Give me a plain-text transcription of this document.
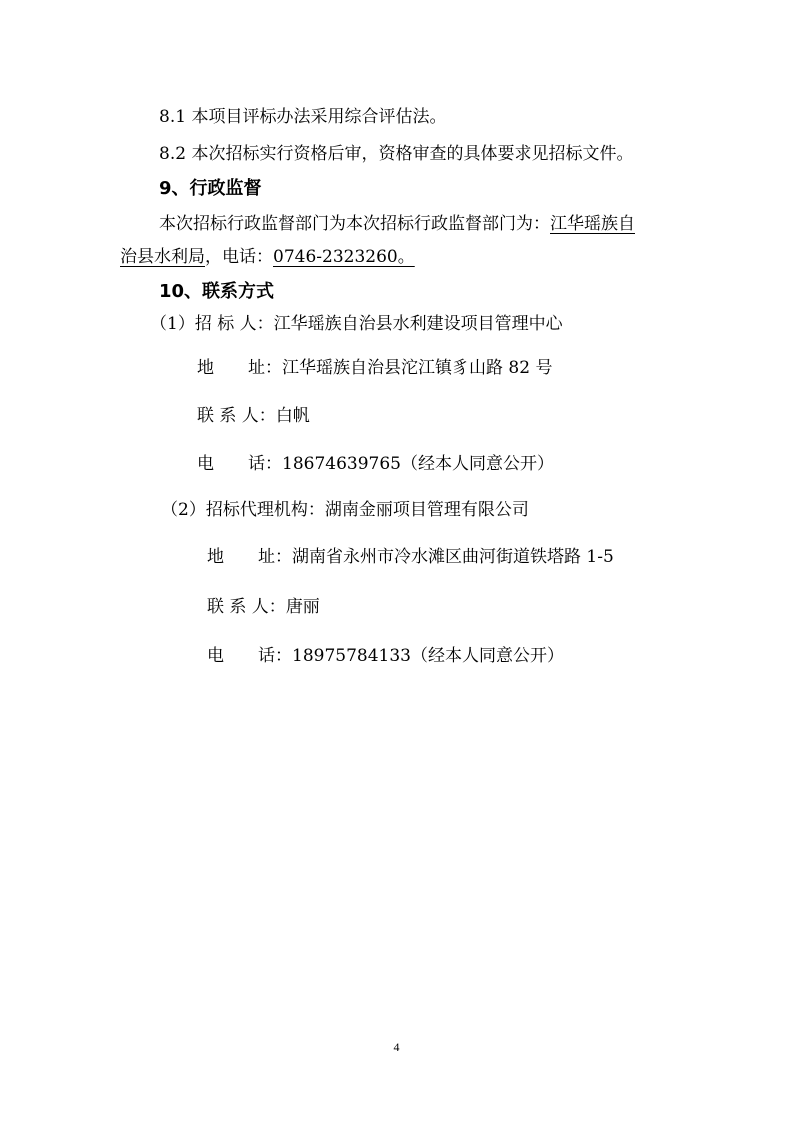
8.1 本项目评标办法采用综合评估法。
8.2 本次招标实行资格后审，资格审查的具体要求见招标文件。
9、行政监督
本次招标行政监督部门为本次招标行政监督部门为：江华瑶族自
治县水利局，电话：0746-2323260。
10、联系方式
（1）招 标 人：江华瑶族自治县水利建设项目管理中心
地　　址：江华瑶族自治县沱江镇豸山路 82 号
联 系 人：白帆
电　　话：18674639765（经本人同意公开）
（2）招标代理机构：湖南金丽项目管理有限公司
地　　址：湖南省永州市冷水滩区曲河街道铁塔路 1-5
联 系 人：唐丽
电　　话：18975784133（经本人同意公开）
4
